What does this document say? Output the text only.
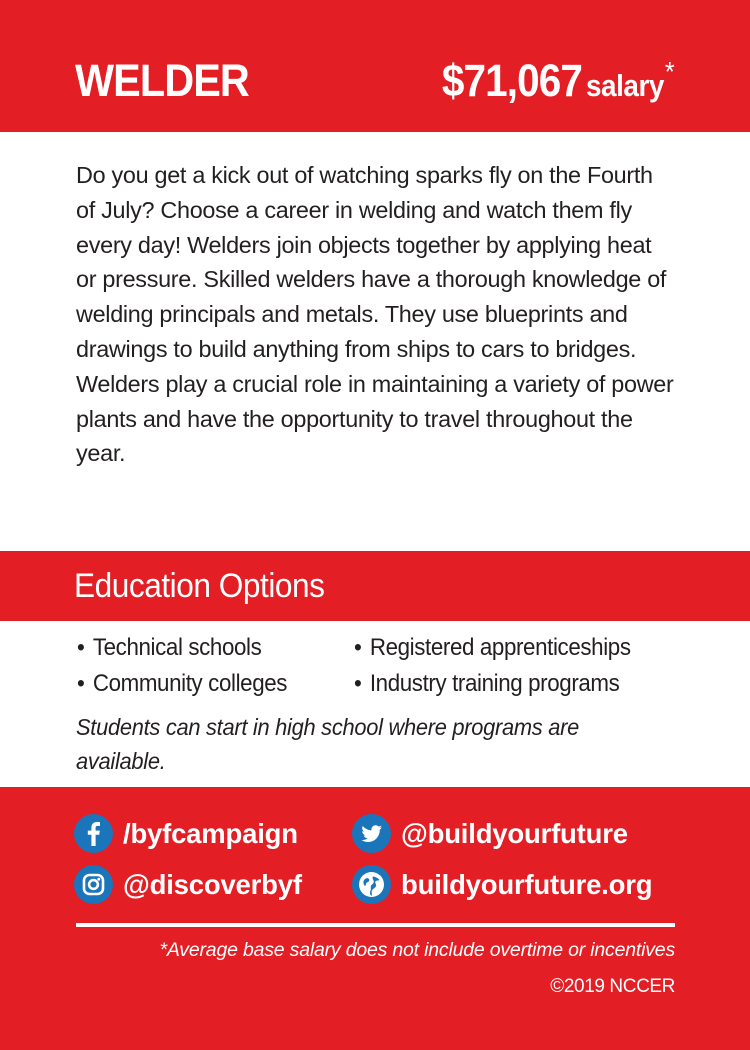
WELDER	$71,067 salary*
Do you get a kick out of watching sparks fly on the Fourth of July? Choose a career in welding and watch them fly every day! Welders join objects together by applying heat or pressure. Skilled welders have a thorough knowledge of welding principals and metals. They use blueprints and drawings to build anything from ships to cars to bridges. Welders play a crucial role in maintaining a variety of power plants and have the opportunity to travel throughout the year.
Education Options
• Technical schools
• Community colleges
• Registered apprenticeships
• Industry training programs
Students can start in high school where programs are available.
/byfcampaign	@buildyourfuture
@discoverbyf	buildyourfuture.org
*Average base salary does not include overtime or incentives
©2019 NCCER
